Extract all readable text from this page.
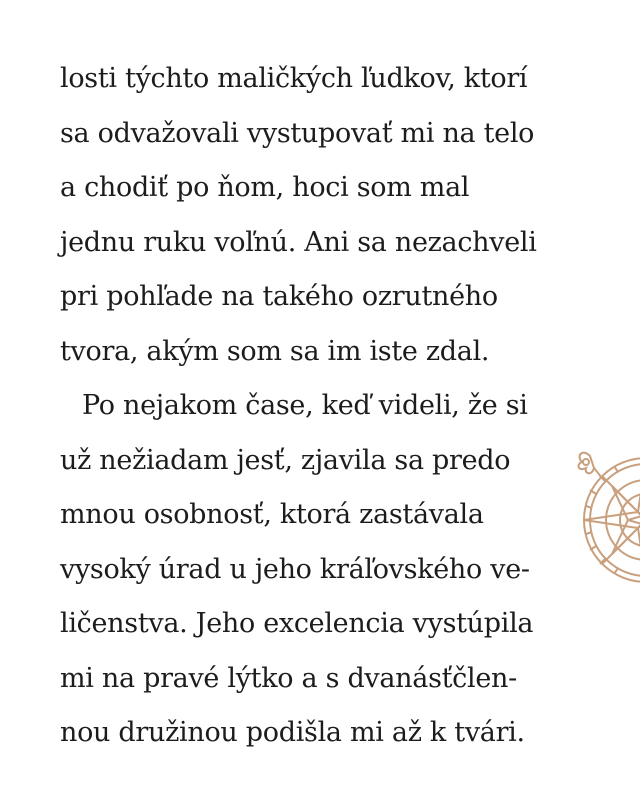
losti týchto maličkých ľudkov, ktorí
sa odvažovali vystupovať mi na telo
a chodiť po ňom, hoci som mal
jednu ruku voľnú. Ani sa nezachveli
pri pohľade na takého ozrutného
tvora, akým som sa im iste zdal.
Po nejakom čase, keď videli, že si
už nežiadam jesť, zjavila sa predo
mnou osobnosť, ktorá zastávala
vysoký úrad u jeho kráľovského ve-
ličenstva. Jeho excelencia vystúpila
mi na pravé lýtko a s dvanásťčlen-
nou družinou podišla mi až k tvári.
